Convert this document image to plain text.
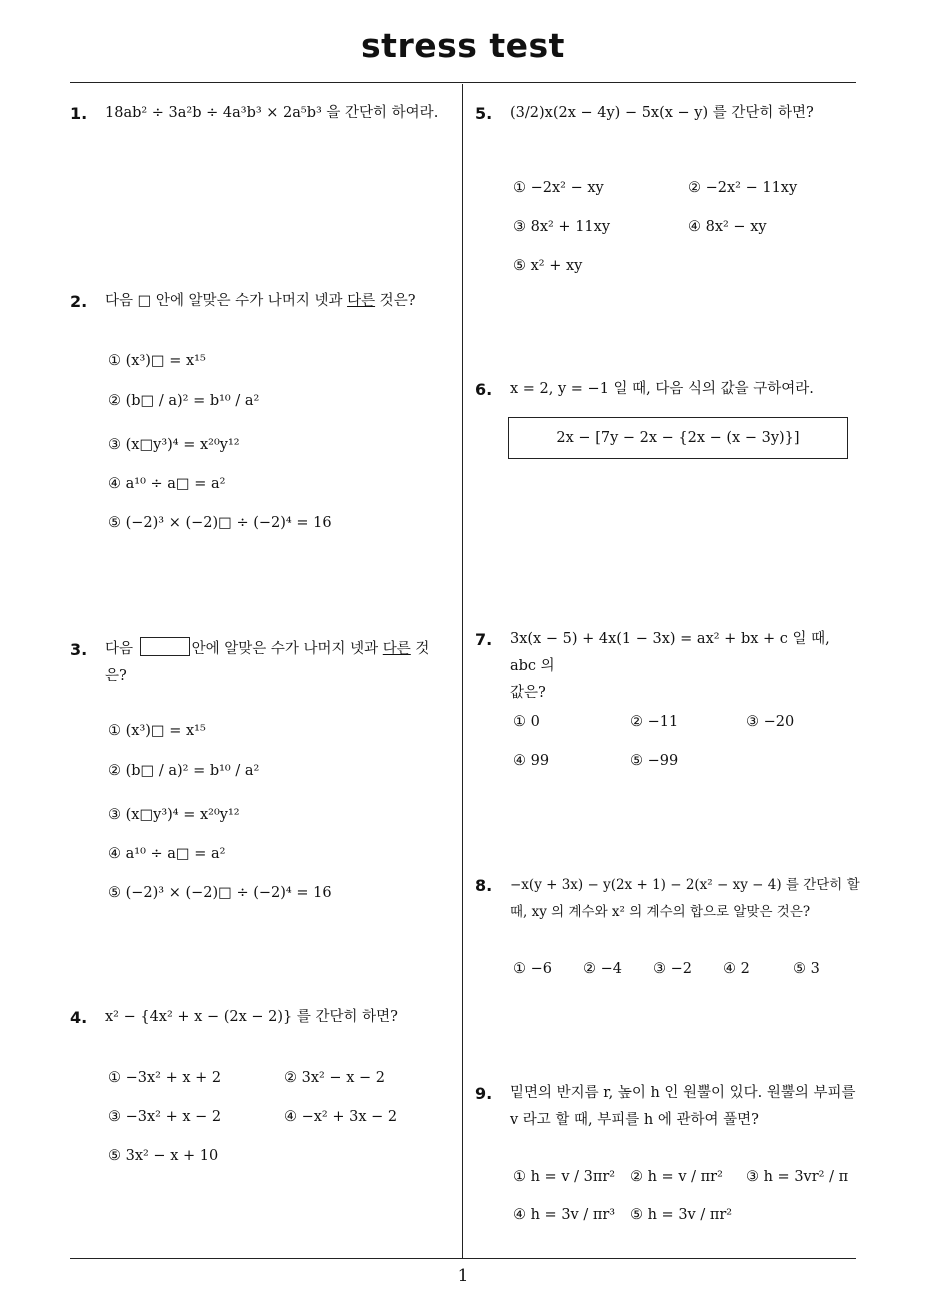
stress test
1
1. 18ab² ÷ 3a²b ÷ 4a³b³ × 2a⁵b³ 을 간단히 하여라.
2. 다음 □ 안에 알맞은 수가 나머지 넷과 다른 것은?
① (x³)□ = x¹⁵
② (b□ / a)² = b¹⁰ / a²
③ (x□y³)⁴ = x²⁰y¹²
④ a¹⁰ ÷ a□ = a²
⑤ (−2)³ × (−2)□ ÷ (−2)⁴ = 16
3. 다음	안에 알맞은 수가 나머지 넷과 다른 것
은?
① (x³)□ = x¹⁵
② (b□ / a)² = b¹⁰ / a²
③ (x□y³)⁴ = x²⁰y¹²
④ a¹⁰ ÷ a□ = a²
⑤ (−2)³ × (−2)□ ÷ (−2)⁴ = 16
4. x² − {4x² + x − (2x − 2)} 를 간단히 하면?
① −3x² + x + 2	② 3x² − x − 2
③ −3x² + x − 2	④ −x² + 3x − 2
⑤ 3x² − x + 10
5. (3/2)x(2x − 4y) − 5x(x − y) 를 간단히 하면?
① −2x² − xy	② −2x² − 11xy
③ 8x² + 11xy	④ 8x² − xy
⑤ x² + xy
6. x = 2, y = −1 일 때, 다음 식의 값을 구하여라.
2x − [7y − 2x − {2x − (x − 3y)}]
7. 3x(x − 5) + 4x(1 − 3x) = ax² + bx + c 일 때, abc 의
값은?
① 0	② −11	③ −20
④ 99	⑤ −99
8. −x(y + 3x) − y(2x + 1) − 2(x² − xy − 4) 를 간단히 할
때, xy 의 계수와 x² 의 계수의 합으로 알맞은 것은?
① −6 ② −4 ③ −2 ④ 2	⑤ 3
9. 밑면의 반지름 r, 높이 h 인 원뿔이 있다. 원뿔의 부피를
v 라고 할 때, 부피를 h 에 관하여 풀면?
① h = v / 3πr² ② h = v / πr² ③ h = 3vr² / π
④ h = 3v / πr³ ⑤ h = 3v / πr²
